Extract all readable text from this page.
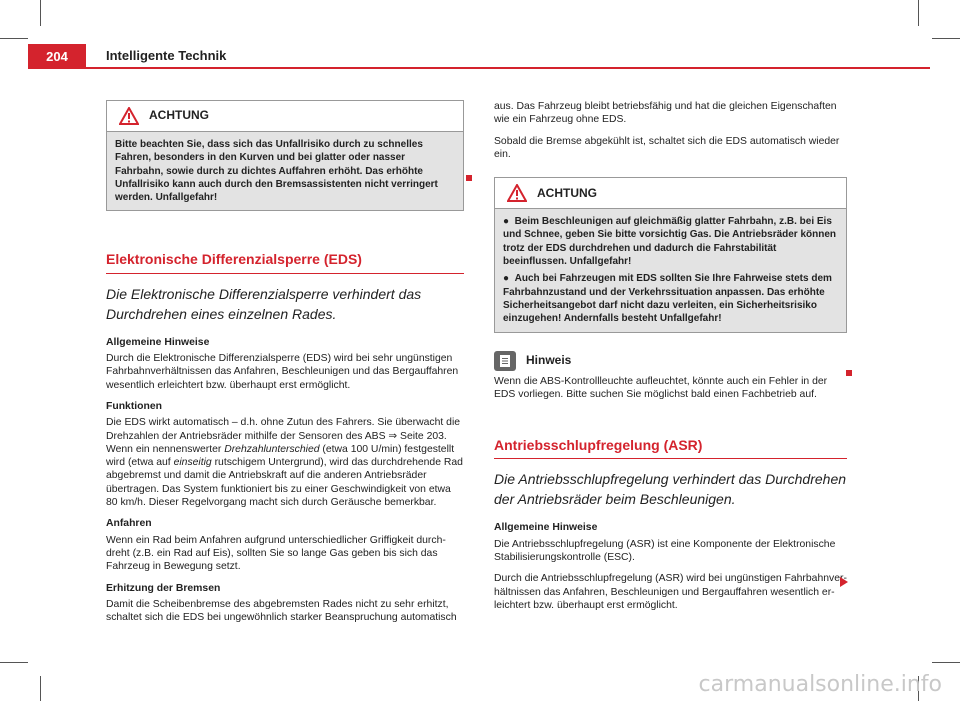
204	Intelligente Technik
ACHTUNG

Bitte beachten Sie, dass sich das Unfallrisiko durch zu schnelles Fahren, besonders in den Kurven und bei glatter oder nasser Fahrbahn, sowie durch zu dichtes Auffahren erhöht. Das erhöhte Unfallrisiko kann auch durch den Bremsassistenten nicht verringert werden. Unfallgefahr!

Elektronische Differenzialsperre (EDS)
Die Elektronische Differenzialsperre verhindert das Durchdrehen eines einzelnen Rades.
Allgemeine Hinweise

Durch die Elektronische Differenzialsperre (EDS) wird bei sehr ungünstigen Fahrbahnverhältnissen das Anfahren, Beschleunigen und das Bergauffahren wesentlich erleichtert bzw. überhaupt erst ermöglicht.

Funktionen

Die EDS wirkt automatisch – d.h. ohne Zutun des Fahrers. Sie überwacht die Drehzahlen der Antriebsräder mithilfe der Sensoren des ABS ⇒ Seite 203. Wenn ein nennenswerter Drehzahlunterschied (etwa 100 U/min) festgestellt wird (etwa auf einseitig rutschigem Untergrund), wird das durchdrehende Rad abgebremst und damit die Antriebskraft auf die anderen Antriebsräder übertragen. Das System funktioniert bis zu einer Geschwindigkeit von etwa 80 km/h. Dieser Regelvorgang macht sich durch Geräusche bemerkbar.

Anfahren

Wenn ein Rad beim Anfahren aufgrund unterschiedlicher Griffigkeit durchdreht (z.B. ein Rad auf Eis), sollten Sie so lange Gas geben bis sich das Fahrzeug in Bewegung setzt.

Erhitzung der Bremsen

Damit die Scheibenbremse des abgebremsten Rades nicht zu sehr erhitzt, schaltet sich die EDS bei ungewöhnlich starker Beanspruchung automatisch

aus. Das Fahrzeug bleibt betriebsfähig und hat die gleichen Eigenschaften wie ein Fahrzeug ohne EDS.

Sobald die Bremse abgekühlt ist, schaltet sich die EDS automatisch wieder ein.

ACHTUNG

● Beim Beschleunigen auf gleichmäßig glatter Fahrbahn, z.B. bei Eis und Schnee, geben Sie bitte vorsichtig Gas. Die Antriebsräder können trotz der EDS durchdrehen und dadurch die Fahrstabilität beeinflussen. Unfallgefahr!

● Auch bei Fahrzeugen mit EDS sollten Sie Ihre Fahrweise stets dem Fahrbahnzustand und der Verkehrssituation anpassen. Das erhöhte Sicherheitsangebot darf nicht dazu verleiten, ein Sicherheitsrisiko einzugehen! Andernfalls besteht Unfallgefahr!

Hinweis

Wenn die ABS-Kontrollleuchte aufleuchtet, könnte auch ein Fehler in der EDS vorliegen. Bitte suchen Sie möglichst bald einen Fachbetrieb auf.

Antriebsschlupfregelung (ASR)
Die Antriebsschlupfregelung verhindert das Durchdrehen der Antriebsräder beim Beschleunigen.
Allgemeine Hinweise

Die Antriebsschlupfregelung (ASR) ist eine Komponente der Elektronische Stabilisierungskontrolle (ESC).

Durch die Antriebsschlupfregelung (ASR) wird bei ungünstigen Fahrbahnverhältnissen das Anfahren, Beschleunigen und Bergauffahren wesentlich erleichtert bzw. überhaupt erst ermöglicht.

carmanualsonline.info
